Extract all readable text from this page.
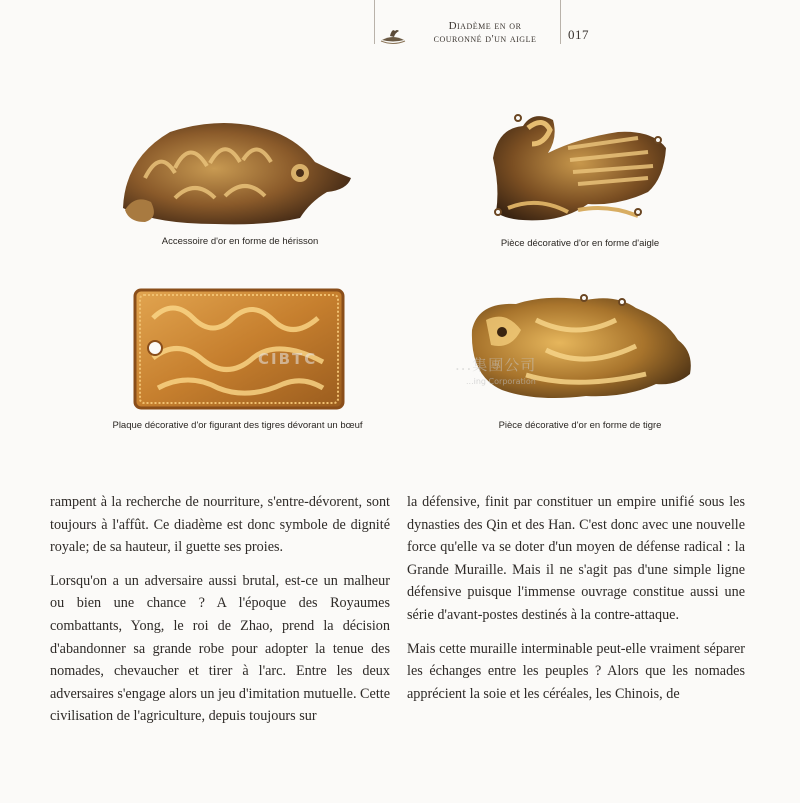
Diadème en or
couronné d'un aigle	017
Accessoire d'or en forme de hérisson	Pièce décorative d'or en forme d'aigle
CIBTC
Plaque décorative d'or figurant des tigres dévorant un bœuf
...集團公司
...ing Corporation
Pièce décorative d'or en forme de tigre

rampent à la recherche de nourriture, s'entre-dévorent, sont toujours à l'affût. Ce diadème est donc symbole de dignité royale; de sa hauteur, il guette ses proies.

Lorsqu'on a un adversaire aussi brutal, est-ce un malheur ou bien une chance ? A l'époque des Royaumes combattants, Yong, le roi de Zhao, prend la décision d'abandonner sa grande robe pour adopter la tenue des nomades, chevaucher et tirer à l'arc. Entre les deux adversaires s'engage alors un jeu d'imitation mutuelle. Cette civilisation de l'agriculture, depuis toujours sur

la défensive, finit par constituer un empire unifié sous les dynasties des Qin et des Han. C'est donc avec une nouvelle force qu'elle va se doter d'un moyen de défense radical : la Grande Muraille. Mais il ne s'agit pas d'une simple ligne défensive puisque l'immense ouvrage constitue aussi une série d'avant-postes destinés à la contre-attaque.

Mais cette muraille interminable peut-elle vraiment séparer les échanges entre les peuples ? Alors que les nomades apprécient la soie et les céréales, les Chinois, de
